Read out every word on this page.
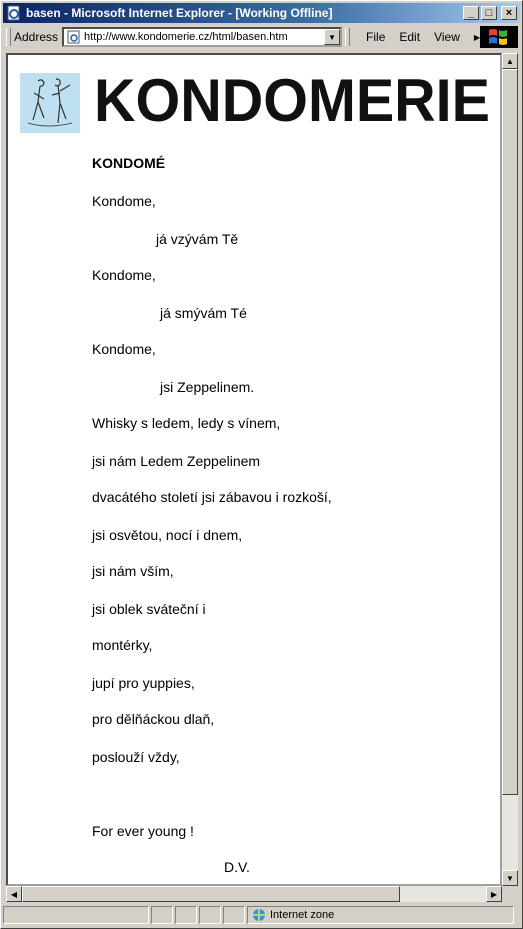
basen - Microsoft Internet Explorer - [Working Offline]	_ □ ×
Address http://www.kondomerie.cz/html/basen.htm	▼	File Edit View ▶
KONDOMERIE
KONDOMÉ
Kondome,
já vzývám Tě
Kondome,
já smývám Té
Kondome,
jsi Zeppelinem.
Whisky s ledem, ledy s vínem,
jsi nám Ledem Zeppelinem
dvacátého století jsi zábavou i rozkoší,
jsi osvětou, nocí i dnem,
jsi nám vším,
jsi oblek sváteční i
montérky,
jupí pro yuppies,
pro dělňáckou dlaň,
poslouží vždy,
For ever young !
D.V.
▲
▼
◀	▶
Internet zone
